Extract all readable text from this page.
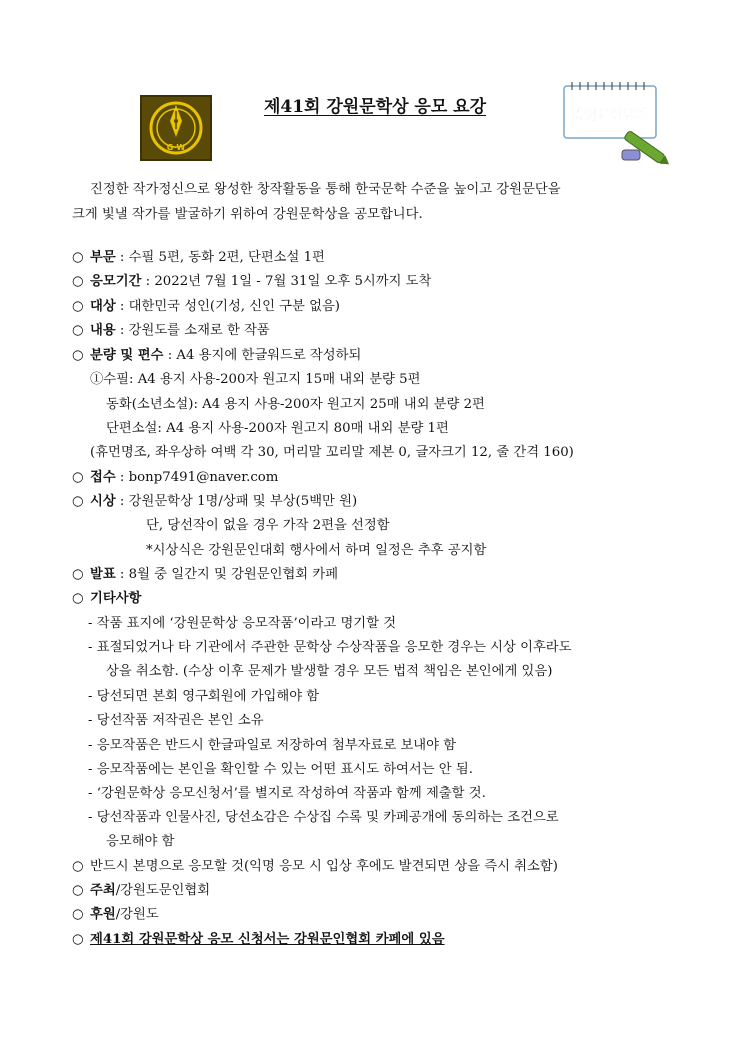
G·W
제41회 강원문학상 응모 요강	강원문인협회
진정한 작가정신으로 왕성한 창작활동을 통해 한국문학 수준을 높이고 강원문단을
크게 빛낼 작가를 발굴하기 위하여 강원문학상을 공모합니다.
○ 부문 : 수필 5편, 동화 2편, 단편소설 1편
○ 응모기간 : 2022년 7월 1일 - 7월 31일 오후 5시까지 도착
○ 대상 : 대한민국 성인(기성, 신인 구분 없음)
○ 내용 : 강원도를 소재로 한 작품
○ 분량 및 편수 : A4 용지에 한글워드로 작성하되
①수필: A4 용지 사용-200자 원고지 15매 내외 분량 5편
동화(소년소설): A4 용지 사용-200자 원고지 25매 내외 분량 2편
단편소설: A4 용지 사용-200자 원고지 80매 내외 분량 1편
(휴먼명조, 좌우상하 여백 각 30, 머리말 꼬리말 제본 0, 글자크기 12, 줄 간격 160)
○ 접수 : bonp7491@naver.com
○ 시상 : 강원문학상 1명/상패 및 부상(5백만 원)
단, 당선작이 없을 경우 가작 2편을 선정함
*시상식은 강원문인대회 행사에서 하며 일정은 추후 공지함
○ 발표 : 8월 중 일간지 및 강원문인협회 카페
○ 기타사항
- 작품 표지에 ‘강원문학상 응모작품’이라고 명기할 것
- 표절되었거나 타 기관에서 주관한 문학상 수상작품을 응모한 경우는 시상 이후라도
상을 취소함. (수상 이후 문제가 발생할 경우 모든 법적 책임은 본인에게 있음)
- 당선되면 본회 영구회원에 가입해야 함
- 당선작품 저작권은 본인 소유
- 응모작품은 반드시 한글파일로 저장하여 첨부자료로 보내야 함
- 응모작품에는 본인을 확인할 수 있는 어떤 표시도 하여서는 안 됨.
- ‘강원문학상 응모신청서’를 별지로 작성하여 작품과 함께 제출할 것.
- 당선작품과 인물사진, 당선소감은 수상집 수록 및 카페공개에 동의하는 조건으로
응모해야 함
○ 반드시 본명으로 응모할 것(익명 응모 시 입상 후에도 발견되면 상을 즉시 취소함)
○ 주최/강원도문인협회
○ 후원/강원도
○ 제41회 강원문학상 응모 신청서는 강원문인협회 카페에 있음
